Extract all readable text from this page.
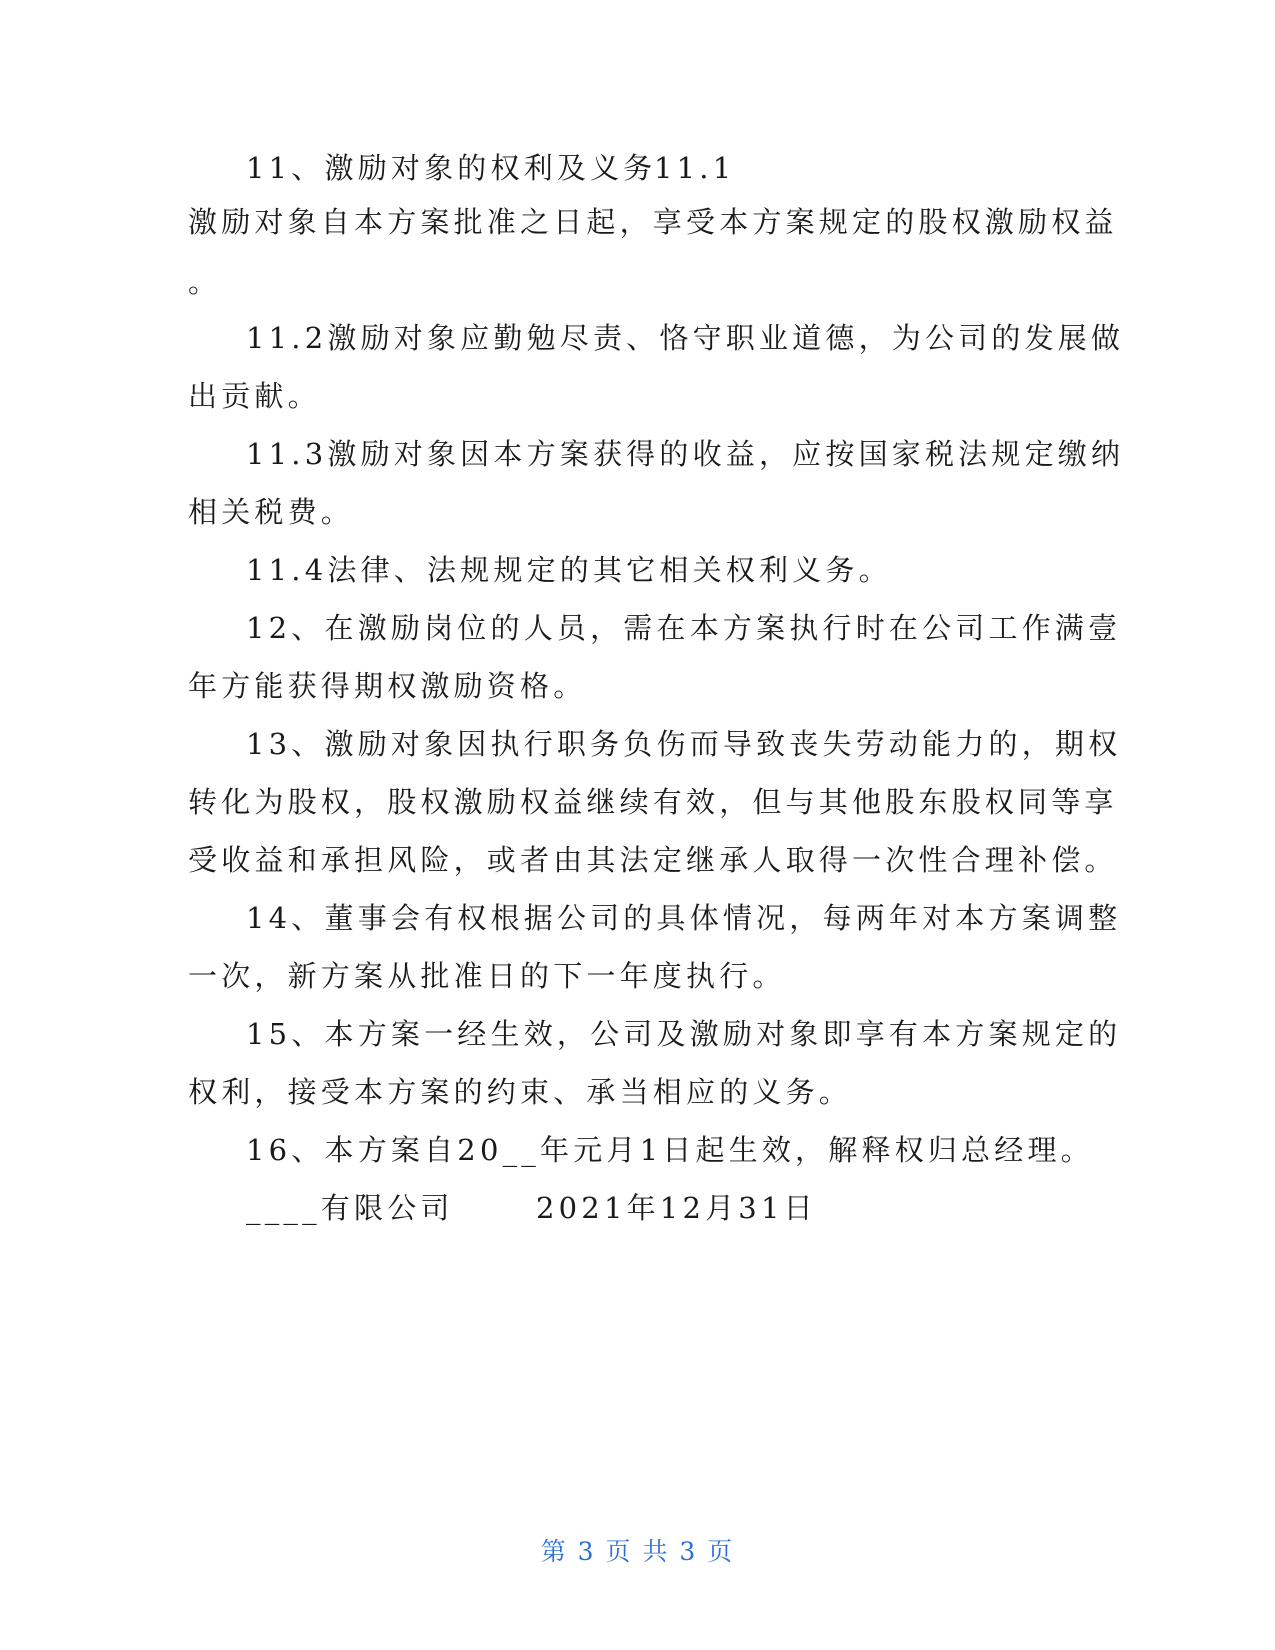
11、激励对象的权利及义务
11.1
激励对象自本方案批准之日起，享受本方案规定的股权激励权益
。
11.2激励对象应勤勉尽责、恪守职业道德，为公司的发展做
出贡献。
11.3激励对象因本方案获得的收益，应按国家税法规定缴纳
相关税费。
11.4法律、法规规定的其它相关权利义务。
12、在激励岗位的人员，需在本方案执行时在公司工作满壹
年方能获得期权激励资格。
13、激励对象因执行职务负伤而导致丧失劳动能力的，期权
转化为股权，股权激励权益继续有效，但与其他股东股权同等享
受收益和承担风险，或者由其法定继承人取得一次性合理补偿。
14、董事会有权根据公司的具体情况，每两年对本方案调整
一次，新方案从批准日的下一年度执行。
15、本方案一经生效，公司及激励对象即享有本方案规定的
权利，接受本方案的约束、承当相应的义务。
16、本方案自20__年元月1日起生效，解释权归总经理。
____有限公司	2021年12月31日
第 3 页 共 3 页
